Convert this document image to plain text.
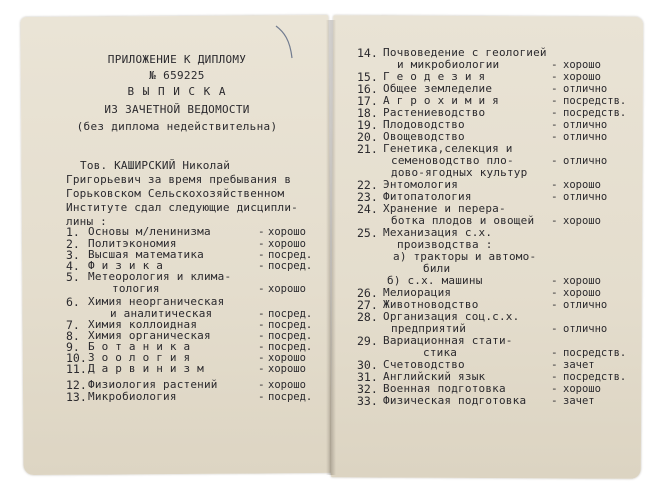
ПРИЛОЖЕНИЕ К ДИПЛОМУ
№ 659225
В Ы П И С К А
ИЗ ЗАЧЕТНОЙ ВЕДОМОСТИ
(без диплома недействительна)
Тов. КАШИРСКИЙ Николай
Григорьевич за время пребывания в
Горьковском Сельскохозяйственном
Институте сдал следующие дисципли-
лины :
1. Основы м/ленинизма	- хорошо
2. Политэкономия	- хорошо
3. Высшая математика	- посред.
4. Ф и з и к а	- посред.
5. Метеорология и клима-
тология	- хорошо
6. Химия неорганическая
и аналитическая	- посред.
7. Химия коллоидная	- посред.
8. Химия органическая	- посред.
9. Б о т а н и к а	- посред.
10. З о о л о г и я	- хорошо
11. Д а р в и н и з м	- хорошо
12. Физиология растений	- хорошо
13. Микробиология	- посред.
14. Почвоведение с геологией
и микробиологии	- хорошо
15. Г е о д е з и я	- хорошо
16. Общее земледелие	- отлично
17. А г р о х и м и я	- посредств.
18. Растениеводство	- посредств.
19. Плодоводство	- отлично
20. Овощеводство	- отлично
21. Генетика,селекция и
семеноводство пло-	- отлично
дово-ягодных культур
22. Энтомология	- хорошо
23. Фитопатология	- отлично
24. Хранение и перера-
ботка плодов и овощей - хорошо
25. Механизация с.х.
производства :
а) тракторы и автомо-
били
б) с.х. машины	- хорошо
26. Мелиорация	- хорошо
27. Животноводство	- отлично
28. Организация соц.с.х.
предприятий	- отлично
29. Вариационная стати-
стика	- посредств.
30. Счетоводство	- зачет
31. Английский язык	- посредств.
32. Военная подготовка	- хорошо
33. Физическая подготовка - зачет
